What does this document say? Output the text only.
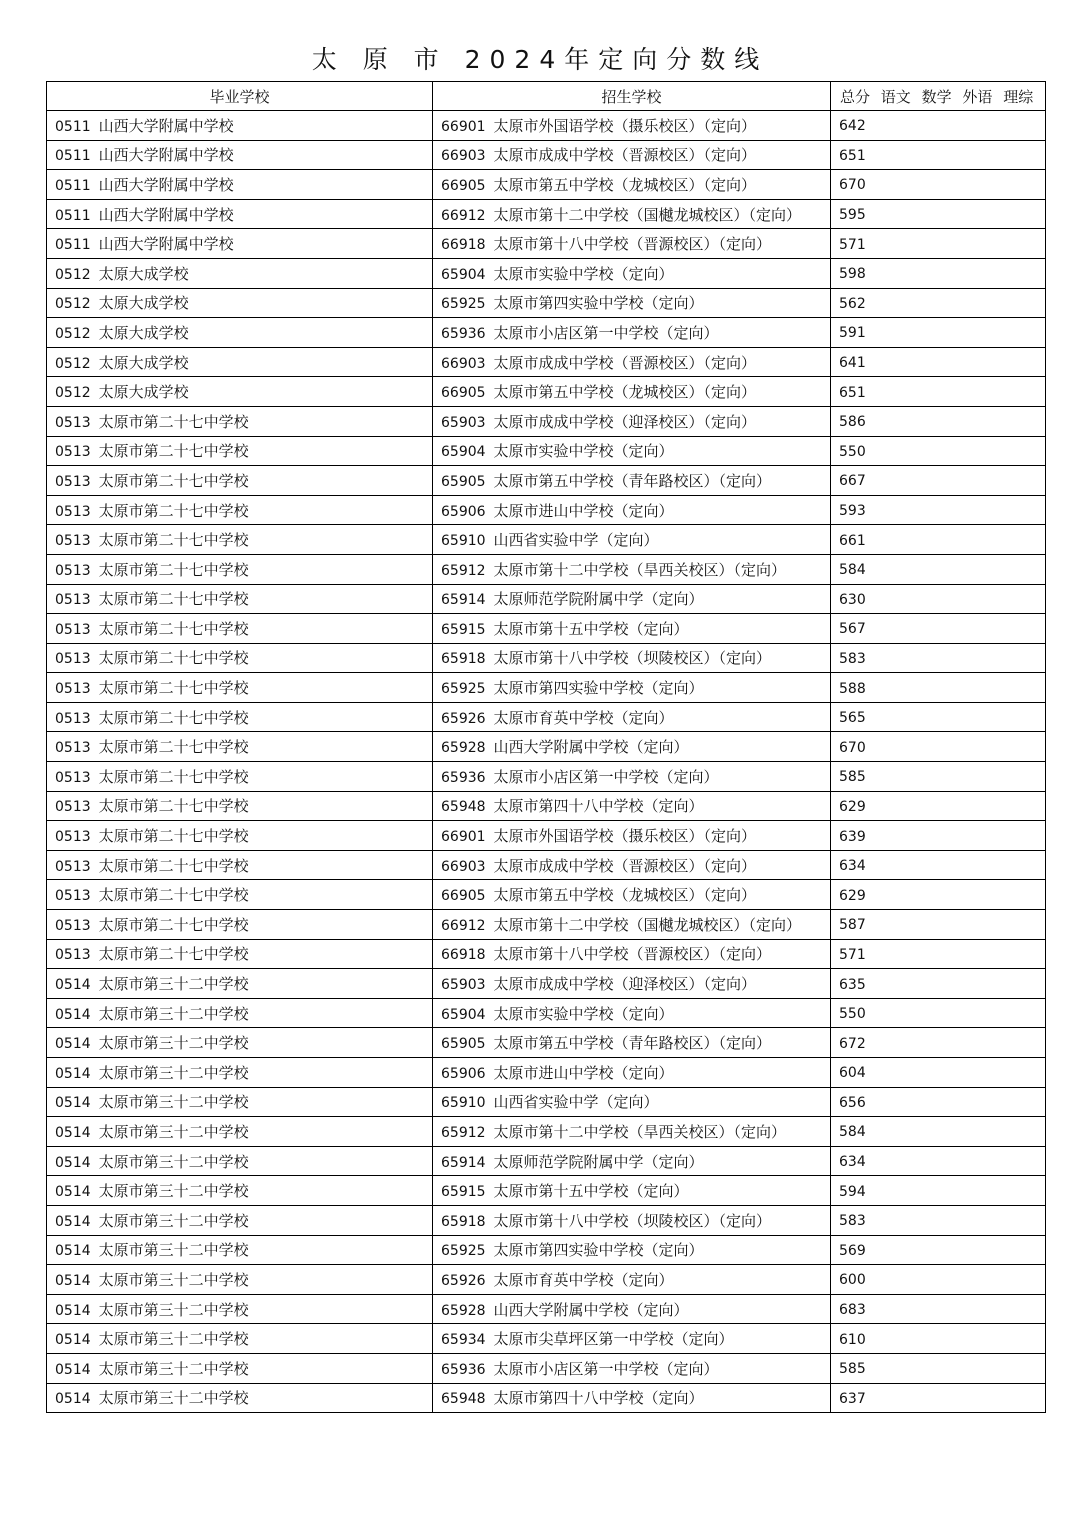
太 原 市 2024年定向分数线
毕业学校	招生学校	总分 语文 数学 外语 理综
0511 山西大学附属中学校	66901 太原市外国语学校（摄乐校区）（定向）	642
0511 山西大学附属中学校	66903 太原市成成中学校（晋源校区）（定向）	651
0511 山西大学附属中学校	66905 太原市第五中学校（龙城校区）（定向）	670
0511 山西大学附属中学校	66912 太原市第十二中学校（国樾龙城校区）（定向）	595
0511 山西大学附属中学校	66918 太原市第十八中学校（晋源校区）（定向）	571
0512 太原大成学校	65904 太原市实验中学校（定向）	598
0512 太原大成学校	65925 太原市第四实验中学校（定向）	562
0512 太原大成学校	65936 太原市小店区第一中学校（定向）	591
0512 太原大成学校	66903 太原市成成中学校（晋源校区）（定向）	641
0512 太原大成学校	66905 太原市第五中学校（龙城校区）（定向）	651
0513 太原市第二十七中学校	65903 太原市成成中学校（迎泽校区）（定向）	586
0513 太原市第二十七中学校	65904 太原市实验中学校（定向）	550
0513 太原市第二十七中学校	65905 太原市第五中学校（青年路校区）（定向）	667
0513 太原市第二十七中学校	65906 太原市进山中学校（定向）	593
0513 太原市第二十七中学校	65910 山西省实验中学（定向）	661
0513 太原市第二十七中学校	65912 太原市第十二中学校（旱西关校区）（定向）	584
0513 太原市第二十七中学校	65914 太原师范学院附属中学（定向）	630
0513 太原市第二十七中学校	65915 太原市第十五中学校（定向）	567
0513 太原市第二十七中学校	65918 太原市第十八中学校（坝陵校区）（定向）	583
0513 太原市第二十七中学校	65925 太原市第四实验中学校（定向）	588
0513 太原市第二十七中学校	65926 太原市育英中学校（定向）	565
0513 太原市第二十七中学校	65928 山西大学附属中学校（定向）	670
0513 太原市第二十七中学校	65936 太原市小店区第一中学校（定向）	585
0513 太原市第二十七中学校	65948 太原市第四十八中学校（定向）	629
0513 太原市第二十七中学校	66901 太原市外国语学校（摄乐校区）（定向）	639
0513 太原市第二十七中学校	66903 太原市成成中学校（晋源校区）（定向）	634
0513 太原市第二十七中学校	66905 太原市第五中学校（龙城校区）（定向）	629
0513 太原市第二十七中学校	66912 太原市第十二中学校（国樾龙城校区）（定向）	587
0513 太原市第二十七中学校	66918 太原市第十八中学校（晋源校区）（定向）	571
0514 太原市第三十二中学校	65903 太原市成成中学校（迎泽校区）（定向）	635
0514 太原市第三十二中学校	65904 太原市实验中学校（定向）	550
0514 太原市第三十二中学校	65905 太原市第五中学校（青年路校区）（定向）	672
0514 太原市第三十二中学校	65906 太原市进山中学校（定向）	604
0514 太原市第三十二中学校	65910 山西省实验中学（定向）	656
0514 太原市第三十二中学校	65912 太原市第十二中学校（旱西关校区）（定向）	584
0514 太原市第三十二中学校	65914 太原师范学院附属中学（定向）	634
0514 太原市第三十二中学校	65915 太原市第十五中学校（定向）	594
0514 太原市第三十二中学校	65918 太原市第十八中学校（坝陵校区）（定向）	583
0514 太原市第三十二中学校	65925 太原市第四实验中学校（定向）	569
0514 太原市第三十二中学校	65926 太原市育英中学校（定向）	600
0514 太原市第三十二中学校	65928 山西大学附属中学校（定向）	683
0514 太原市第三十二中学校	65934 太原市尖草坪区第一中学校（定向）	610
0514 太原市第三十二中学校	65936 太原市小店区第一中学校（定向）	585
0514 太原市第三十二中学校	65948 太原市第四十八中学校（定向）	637
